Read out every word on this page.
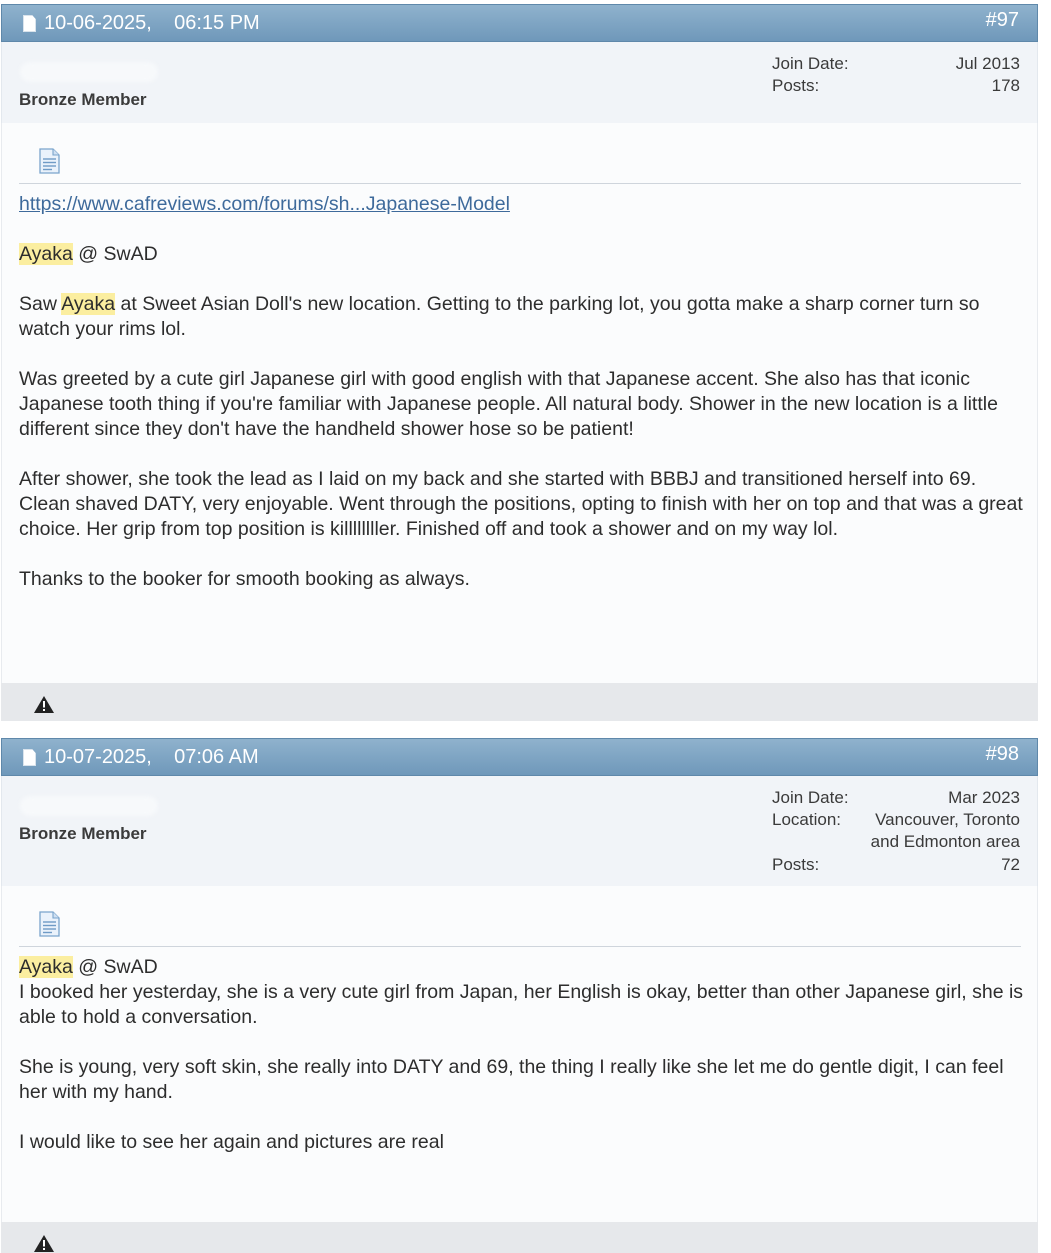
10-06-2025, 06:15 PM	#97
Bronze Member
Join Date:	Jul 2013
Posts:	178

https://www.cafreviews.com/forums/sh...Japanese-Model

Ayaka @ SwAD

Saw Ayaka at Sweet Asian Doll's new location. Getting to the parking lot, you gotta make a sharp corner turn so watch your rims lol.

Was greeted by a cute girl Japanese girl with good english with that Japanese accent. She also has that iconic Japanese tooth thing if you're familiar with Japanese people. All natural body. Shower in the new location is a little different since they don't have the handheld shower hose so be patient!

After shower, she took the lead as I laid on my back and she started with BBBJ and transitioned herself into 69. Clean shaved DATY, very enjoyable. Went through the positions, opting to finish with her on top and that was a great choice. Her grip from top position is killllllller. Finished off and took a shower and on my way lol.

Thanks to the booker for smooth booking as always.

10-07-2025, 07:06 AM	#98
Bronze Member
Join Date:	Mar 2023
Location:	Vancouver, Toronto and Edmonton area
Posts:	72

Ayaka @ SwAD

I booked her yesterday, she is a very cute girl from Japan, her English is okay, better than other Japanese girl, she is able to hold a conversation.

She is young, very soft skin, she really into DATY and 69, the thing I really like she let me do gentle digit, I can feel her with my hand.

I would like to see her again and pictures are real
